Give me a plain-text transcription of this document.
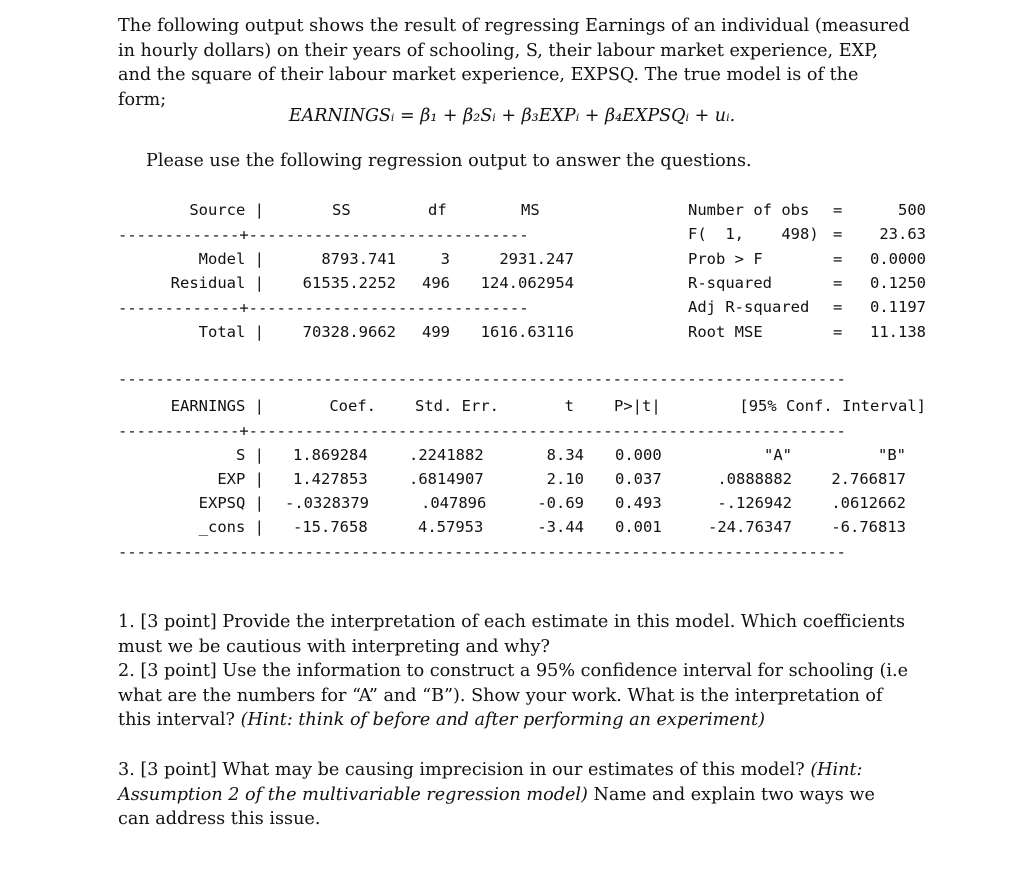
The following output shows the result of regressing Earnings of an individual (measured in hourly dollars) on their years of schooling, S, their labour market experience, EXP, and the square of their labour market experience, EXPSQ. The true model is of the form;
EARNINGSᵢ = β₁ + β₂Sᵢ + β₃EXPᵢ + β₄EXPSQᵢ + uᵢ.
Please use the following regression output to answer the questions.
Source |	SS	df	MS
-------------+------------------------------
Model |	8793.741	3	2931.247
Residual |	61535.2252	496	124.062954
-------------+------------------------------
Total |	70328.9662	499	1616.63116
Number of obs =	500
F(  1,    498) =	23.63
Prob > F	=	0.0000
R-squared	=	0.1250
Adj R-squared =	0.1197
Root MSE	=	11.138
------------------------------------------------------------------------------
EARNINGS |	Coef.	Std. Err.	t	P>|t|	[95% Conf. Interval]
-------------+----------------------------------------------------------------
S | 1.869284	.2241882	8.34 0.000	"A"	"B"
EXP | 1.427853	.6814907	2.10 0.037	.0888882	2.766817
EXPSQ | -.0328379	.047896	-0.69 0.493	-.126942	.0612662
_cons | -15.7658	4.57953	-3.44 0.001	-24.76347	-6.76813
------------------------------------------------------------------------------
1. [3 point] Provide the interpretation of each estimate in this model. Which coefficients must we be cautious with interpreting and why?
2. [3 point] Use the information to construct a 95% confidence interval for schooling (i.e what are the numbers for “A” and “B”). Show your work. What is the interpretation of this interval? (Hint: think of before and after performing an experiment)
3. [3 point] What may be causing imprecision in our estimates of this model? (Hint: Assumption 2 of the multivariable regression model) Name and explain two ways we can address this issue.
